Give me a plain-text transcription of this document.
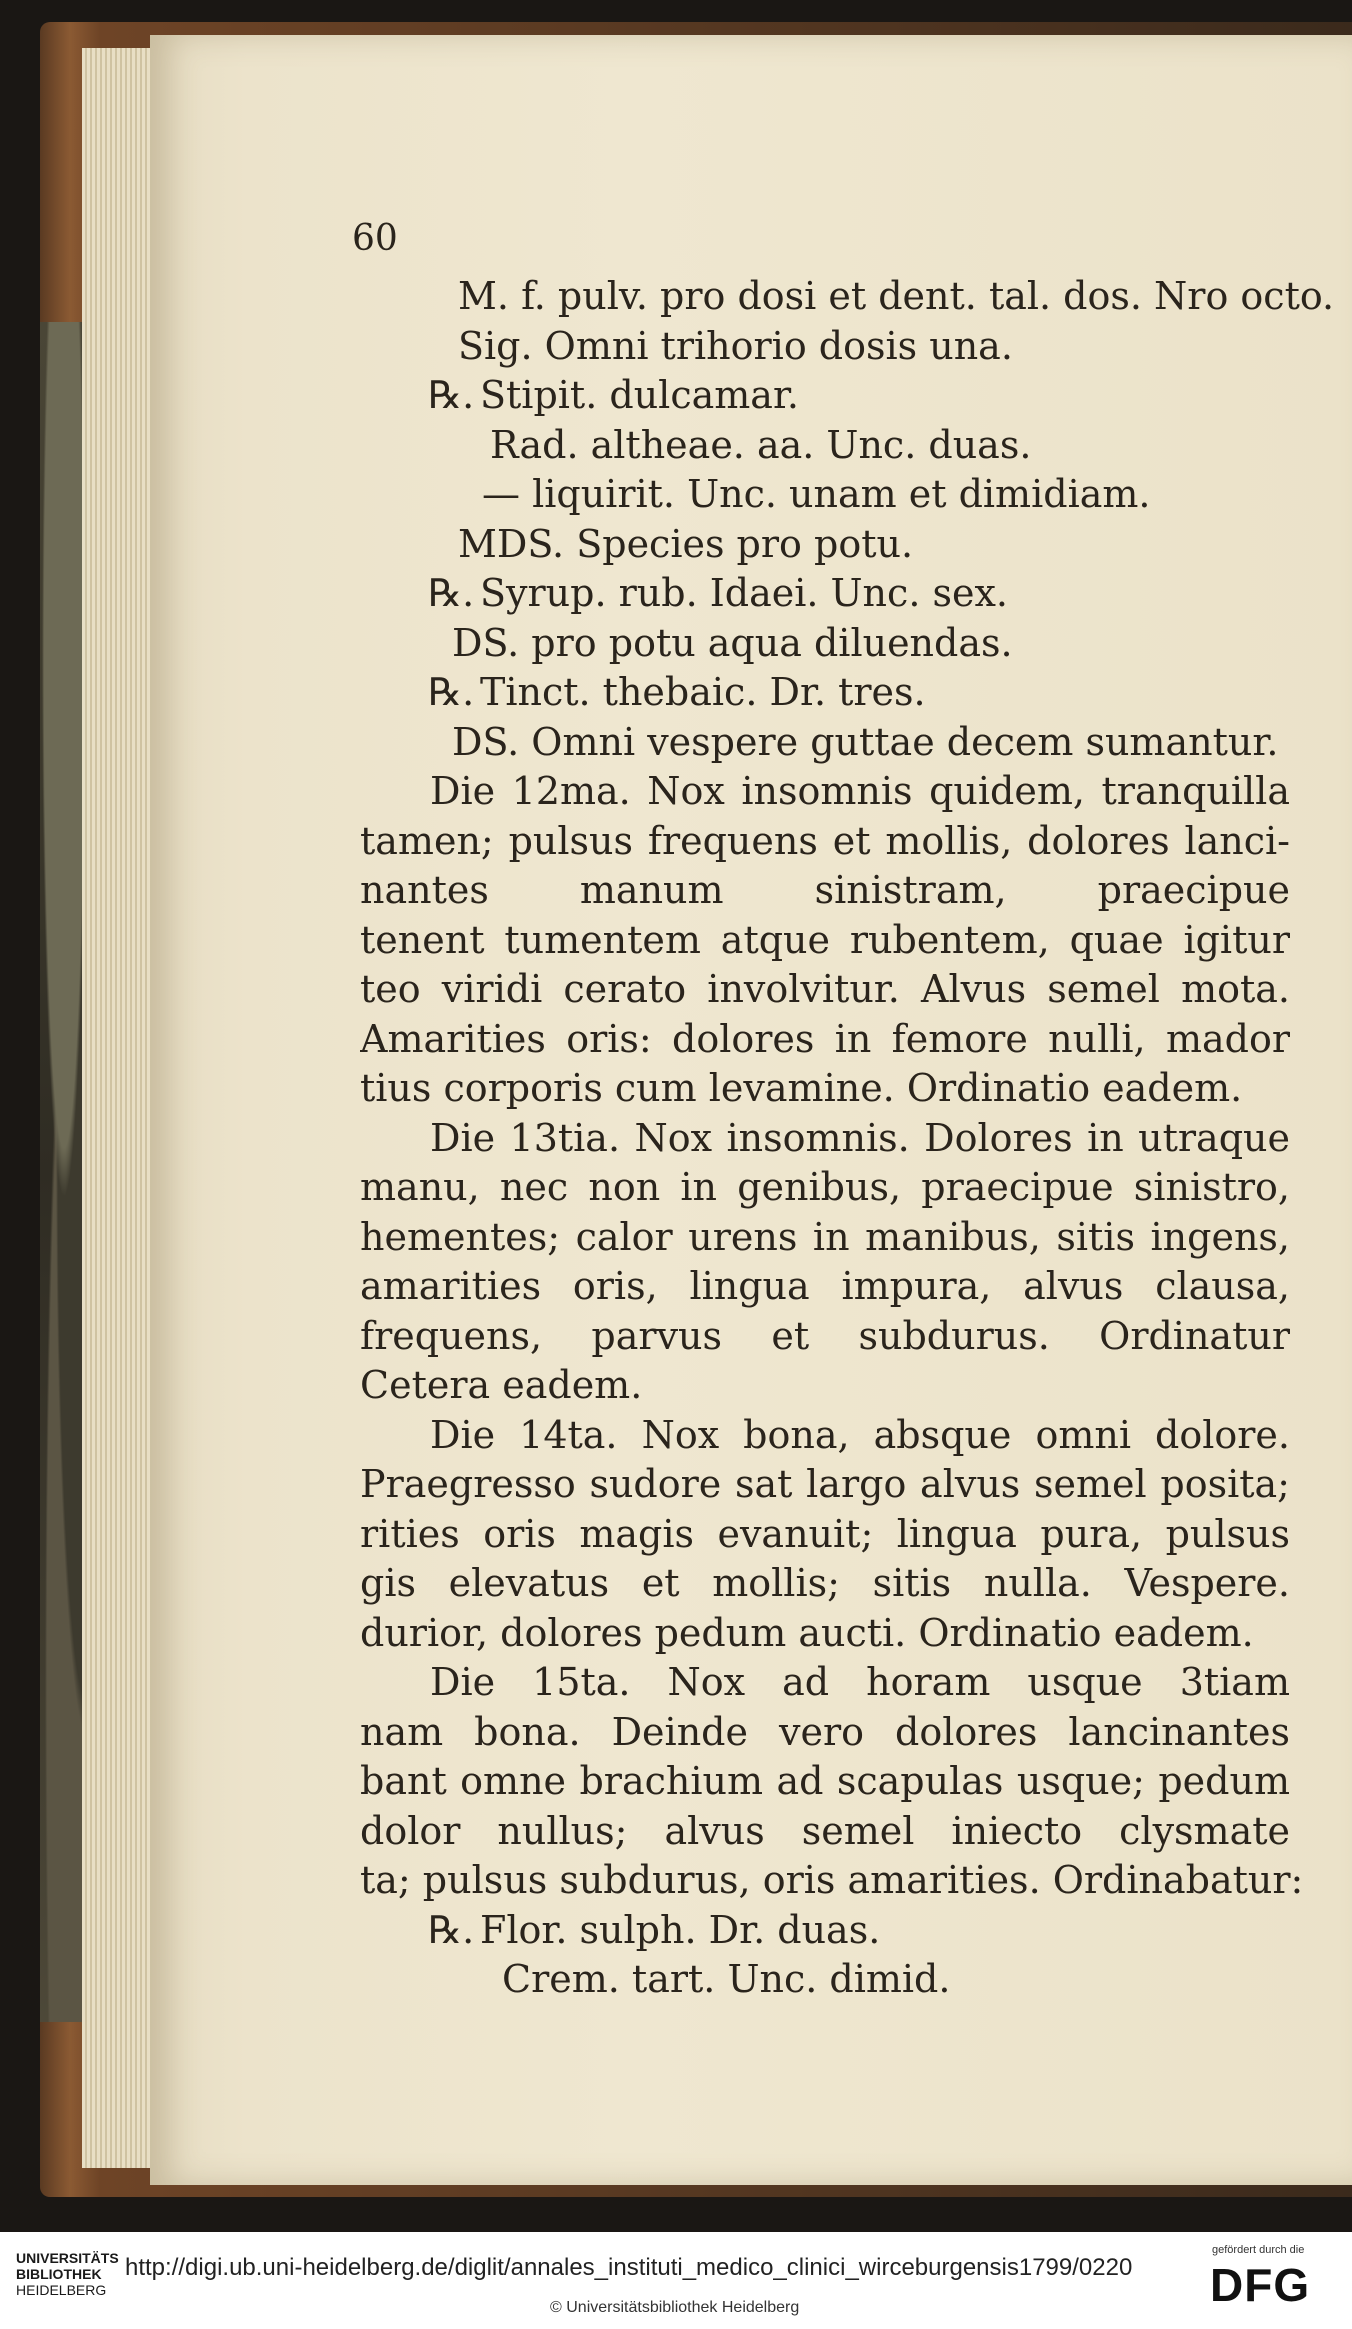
60
M. f. pulv. pro dosi et dent. tal. dos. Nro octo.
Sig. Omni trihorio dosis una.
℞. Stipit. dulcamar.
Rad. altheae. aa. Unc. duas.
— liquirit. Unc. unam et dimidiam.
MDS. Species pro potu.
℞. Syrup. rub. Idaei. Unc. sex.
DS. pro potu aqua diluendas.
℞. Tinct. thebaic. Dr. tres.
DS. Omni vespere guttae decem sumantur.
Die 12ma. Nox insomnis quidem, tranquilla
tamen; pulsus frequens et mollis, dolores lanci-
nantes manum sinistram, praecipue
tenent tumentem atque rubentem, quae igitur
teo viridi cerato involvitur. Alvus semel mota.
Amarities oris: dolores in femore nulli, mador
tius corporis cum levamine. Ordinatio eadem.
Die 13tia. Nox insomnis. Dolores in utraque
manu, nec non in genibus, praecipue sinistro,
hementes; calor urens in manibus, sitis ingens,
amarities oris, lingua impura, alvus clausa,
frequens, parvus et subdurus. Ordinatur
Cetera eadem.
Die 14ta. Nox bona, absque omni dolore.
Praegresso sudore sat largo alvus semel posita;
rities oris magis evanuit; lingua pura, pulsus
gis elevatus et mollis; sitis nulla. Vespere.
durior, dolores pedum aucti. Ordinatio eadem.
Die 15ta. Nox ad horam usque 3tiam
nam bona. Deinde vero dolores lancinantes
bant omne brachium ad scapulas usque; pedum
dolor nullus; alvus semel iniecto clysmate
ta; pulsus subdurus, oris amarities. Ordinabatur:
℞. Flor. sulph. Dr. duas.
Crem. tart. Unc. dimid.
UNIVERSITÄTS
BIBLIOTHEK
HEIDELBERG
http://digi.ub.uni-heidelberg.de/diglit/annales_instituti_medico_clinici_wirceburgensis1799/0220
© Universitätsbibliothek Heidelberg
gefördert durch die
DFG
